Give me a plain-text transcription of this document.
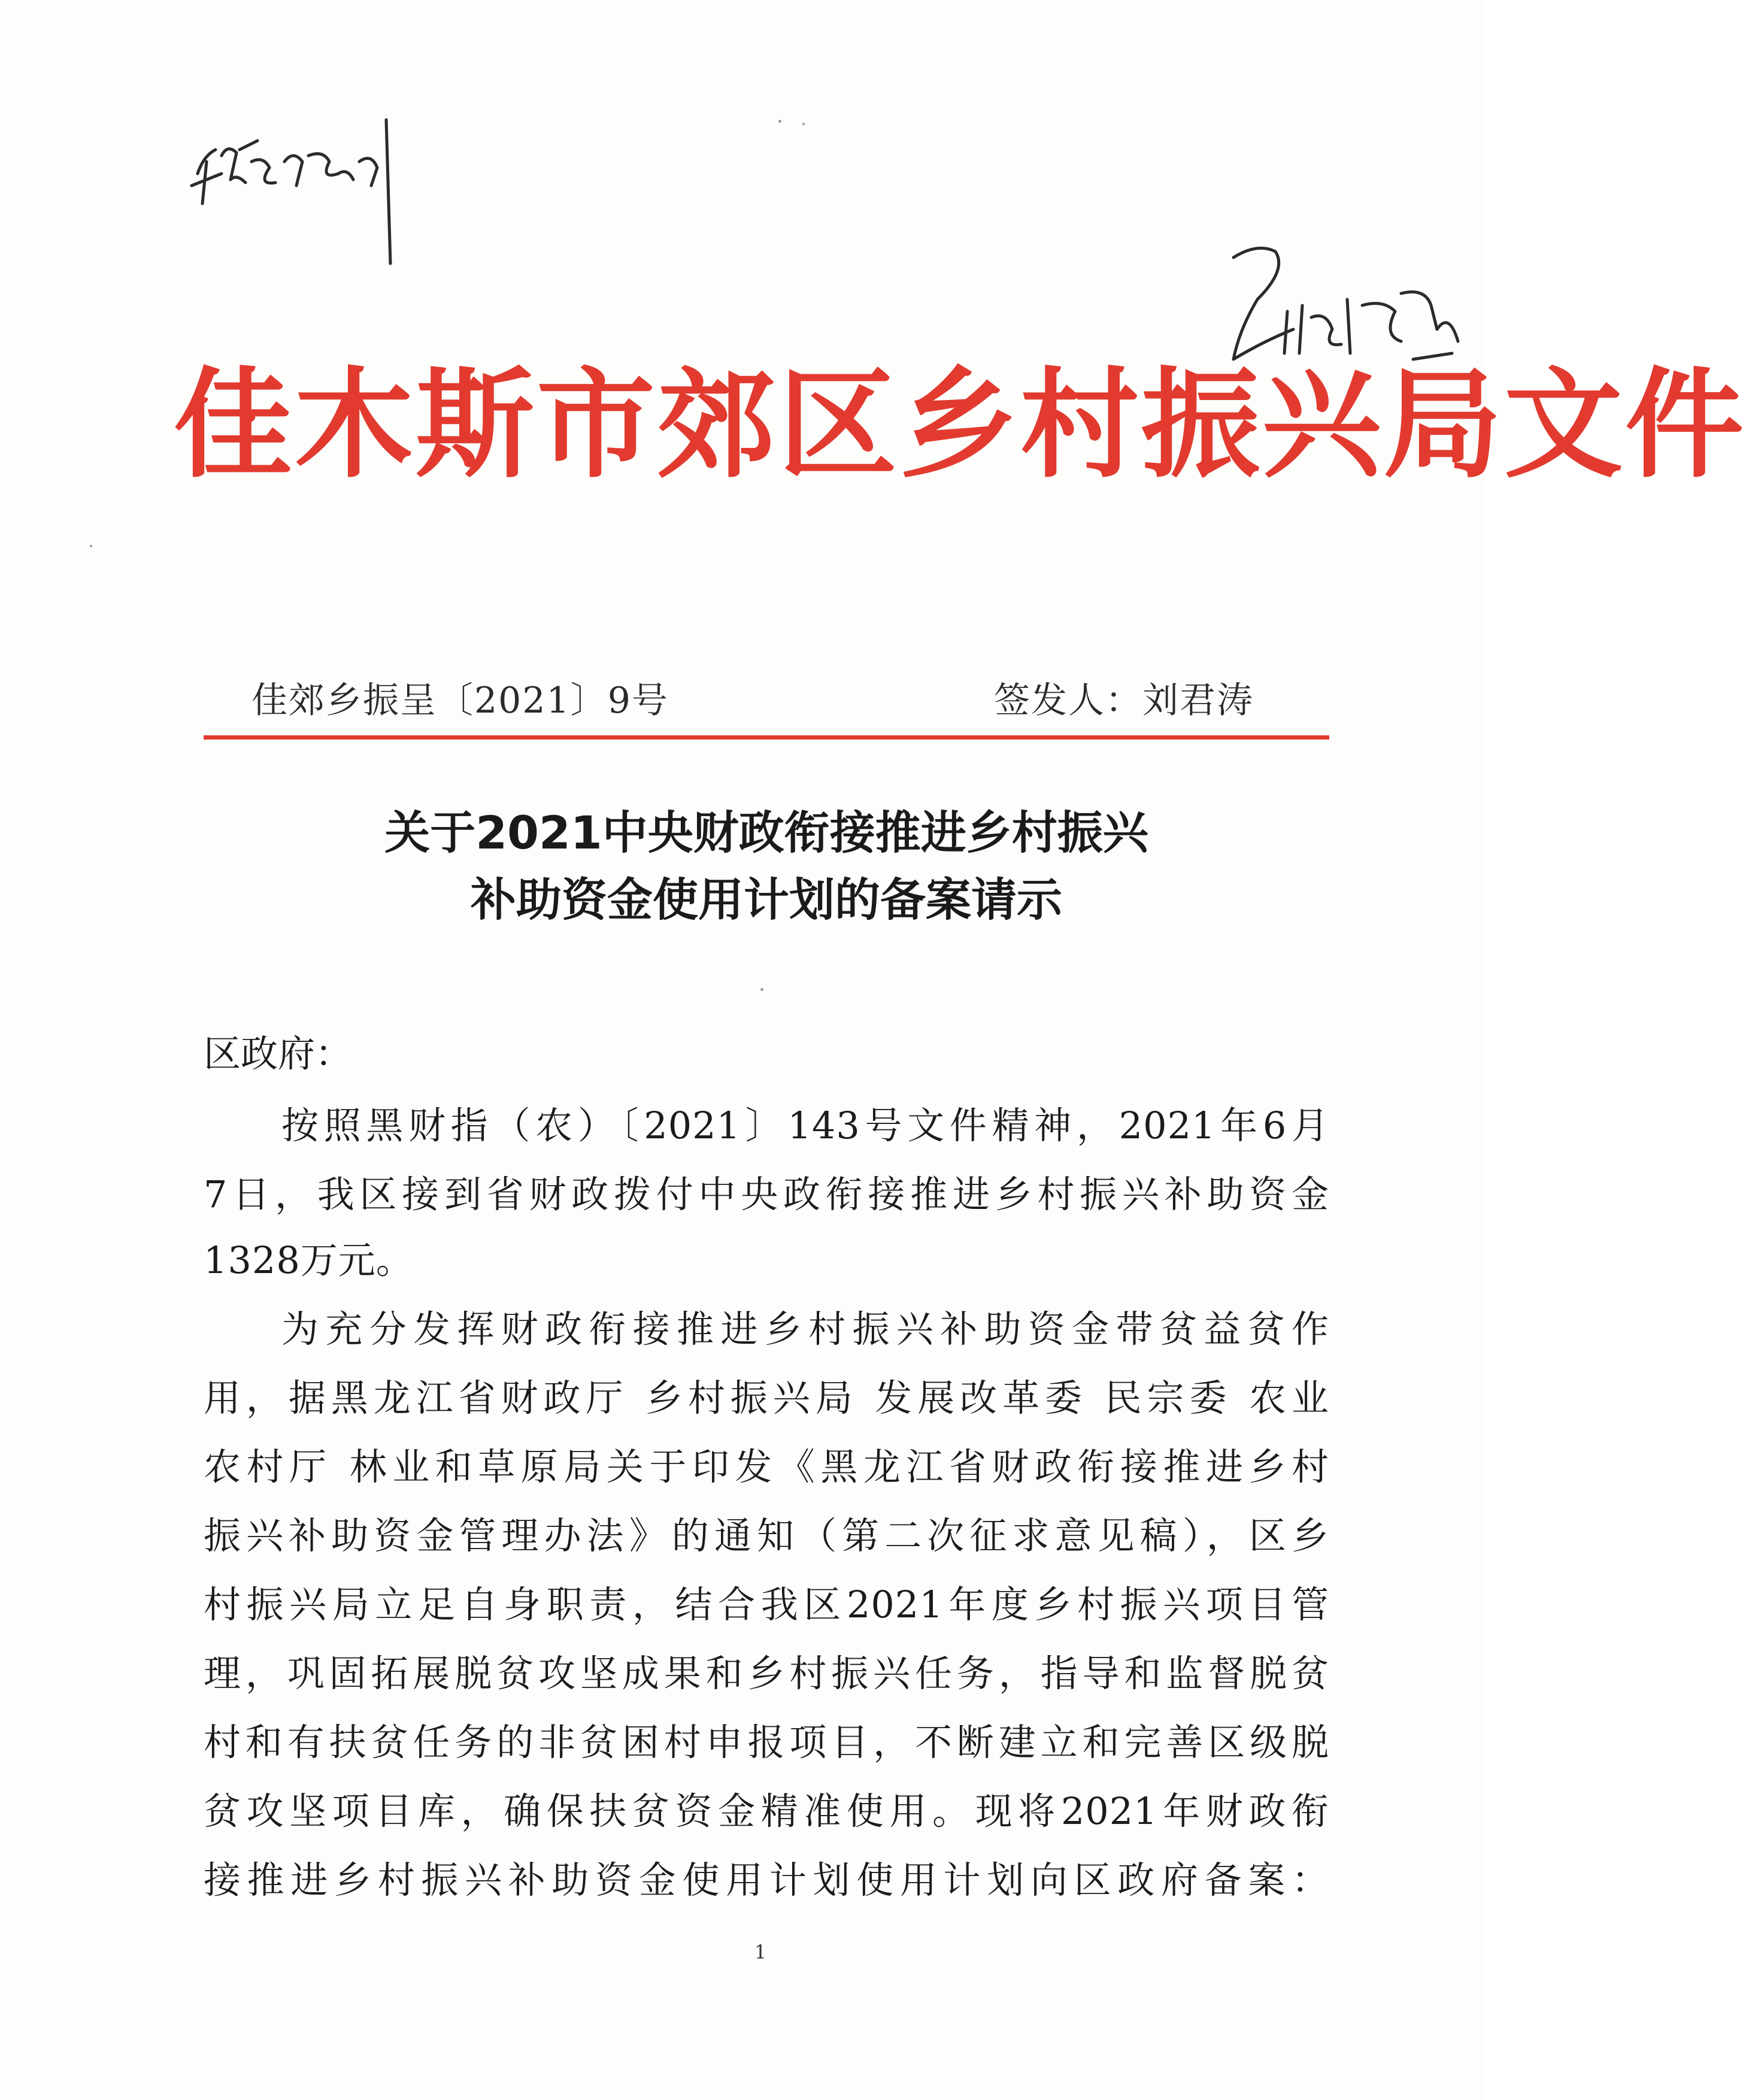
佳木斯市郊区乡村振兴局文件
佳郊乡振呈〔2021〕9号	签发人：刘君涛
关于2021中央财政衔接推进乡村振兴
补助资金使用计划的备案请示
区政府：
按照黑财指（农）〔2021〕143号文件精神，2021年6月
7日，我区接到省财政拨付中央政衔接推进乡村振兴补助资金
1328万元。
为充分发挥财政衔接推进乡村振兴补助资金带贫益贫作
用，据黑龙江省财政厅 乡村振兴局 发展改革委 民宗委 农业
农村厅 林业和草原局关于印发《黑龙江省财政衔接推进乡村
振兴补助资金管理办法》的通知（第二次征求意见稿），区乡
村振兴局立足自身职责，结合我区2021年度乡村振兴项目管
理，巩固拓展脱贫攻坚成果和乡村振兴任务，指导和监督脱贫
村和有扶贫任务的非贫困村申报项目，不断建立和完善区级脱
贫攻坚项目库，确保扶贫资金精准使用。现将2021年财政衔
接推进乡村振兴补助资金使用计划使用计划向区政府备案：
1
